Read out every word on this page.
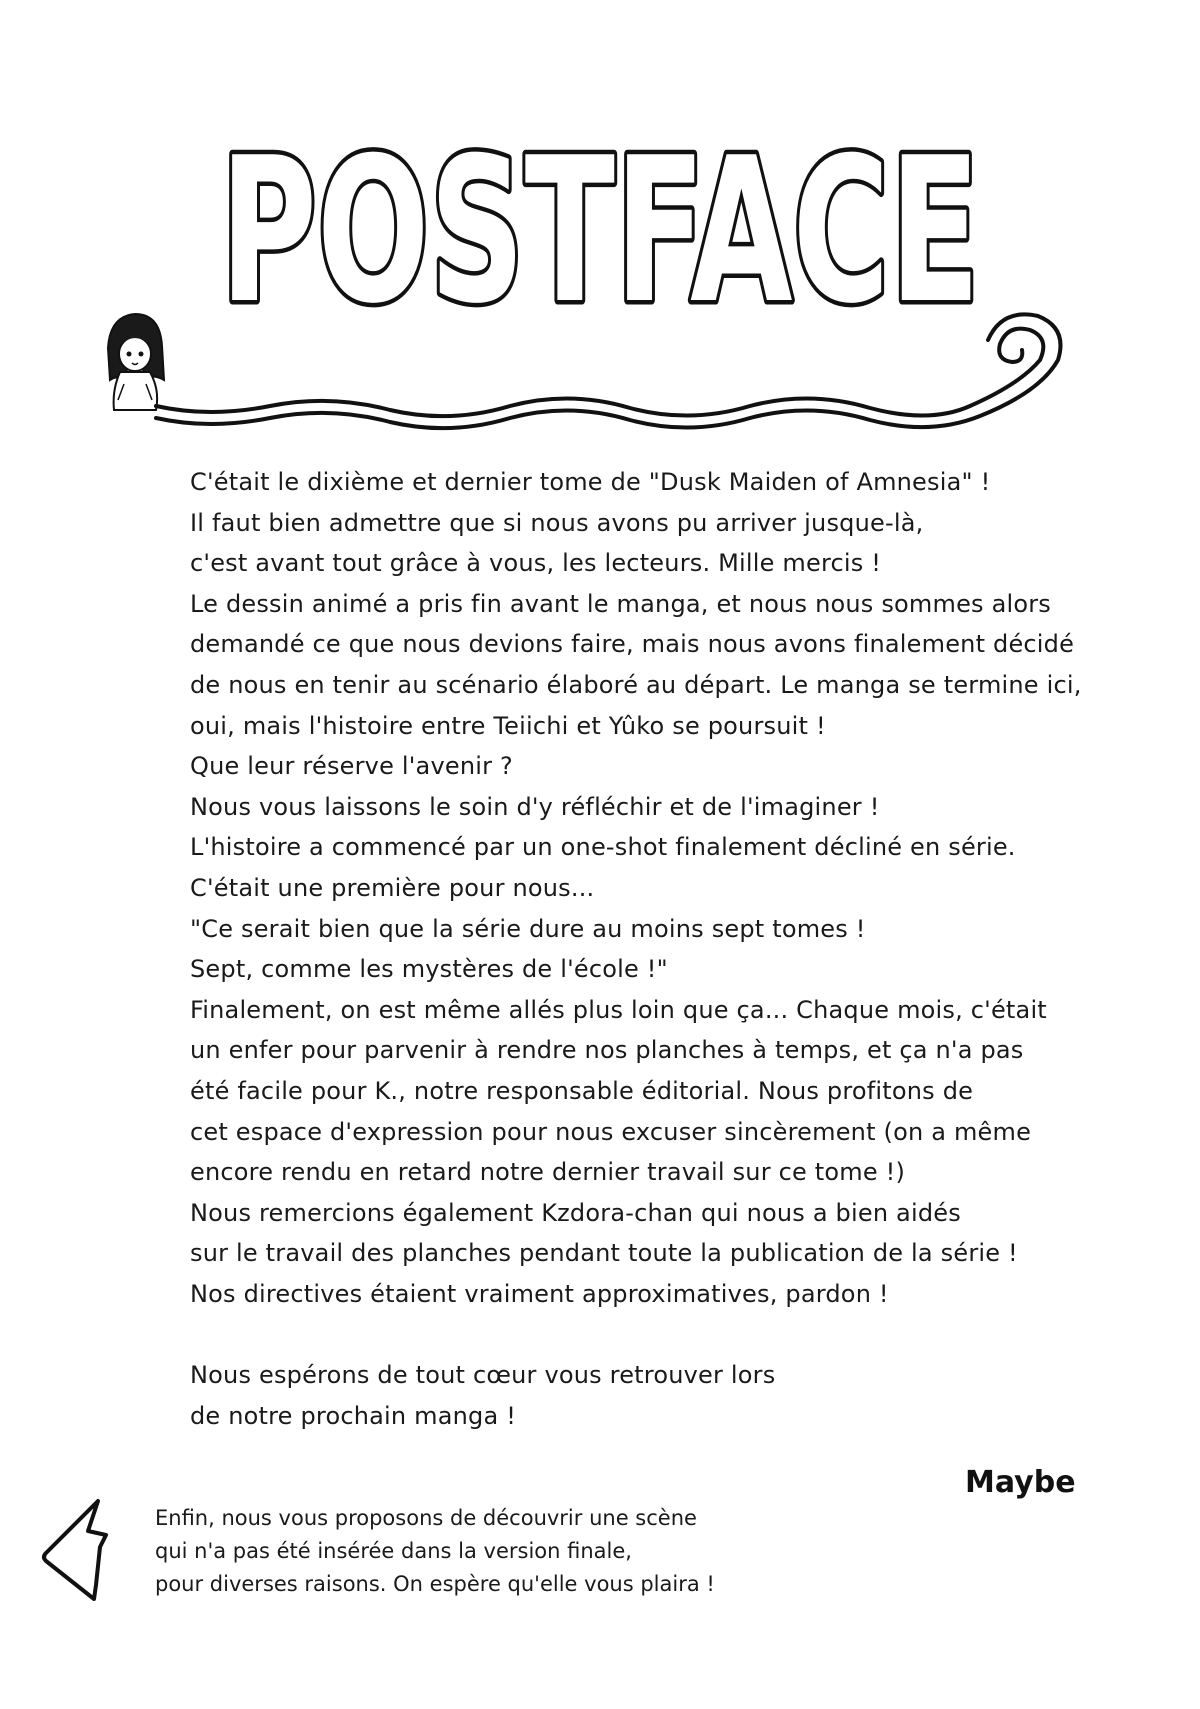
POSTFACE
C'était le dixième et dernier tome de "Dusk Maiden of Amnesia" !
Il faut bien admettre que si nous avons pu arriver jusque-là,
c'est avant tout grâce à vous, les lecteurs. Mille mercis !
Le dessin animé a pris fin avant le manga, et nous nous sommes alors
demandé ce que nous devions faire, mais nous avons finalement décidé
de nous en tenir au scénario élaboré au départ. Le manga se termine ici,
oui, mais l'histoire entre Teiichi et Yûko se poursuit !
Que leur réserve l'avenir ?
Nous vous laissons le soin d'y réfléchir et de l'imaginer !
L'histoire a commencé par un one-shot finalement décliné en série.
C'était une première pour nous...
"Ce serait bien que la série dure au moins sept tomes !
Sept, comme les mystères de l'école !"
Finalement, on est même allés plus loin que ça... Chaque mois, c'était
un enfer pour parvenir à rendre nos planches à temps, et ça n'a pas
été facile pour K., notre responsable éditorial. Nous profitons de
cet espace d'expression pour nous excuser sincèrement (on a même
encore rendu en retard notre dernier travail sur ce tome !)
Nous remercions également Kzdora-chan qui nous a bien aidés
sur le travail des planches pendant toute la publication de la série !
Nos directives étaient vraiment approximatives, pardon !
Nous espérons de tout cœur vous retrouver lors
de notre prochain manga !
Maybe
Enfin, nous vous proposons de découvrir une scène
qui n'a pas été insérée dans la version finale,
pour diverses raisons. On espère qu'elle vous plaira !
